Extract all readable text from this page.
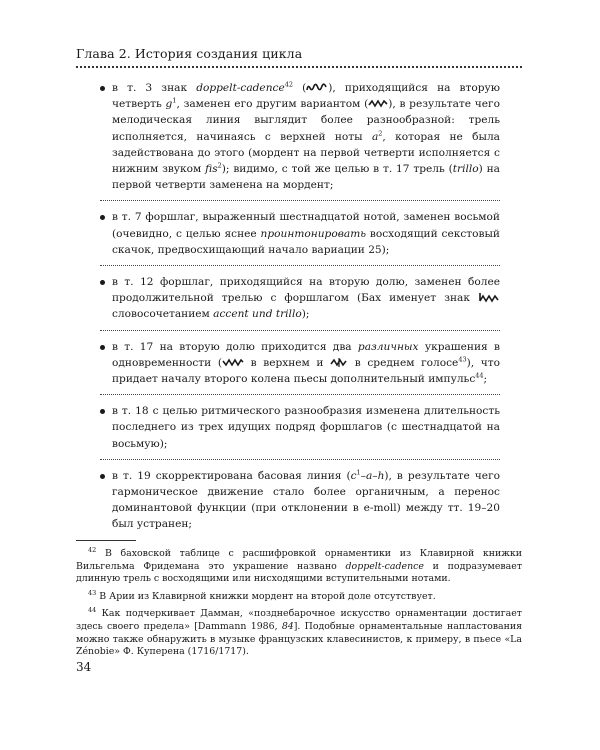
Глава 2. История создания цикла
в т. 3 знак doppelt-cadence$^{42}$ ( ), приходящийся на вторую четверть $g^1$, заменен его другим вариантом ( ), в результате чего мелодическая линия выглядит более разнообразной: трель исполняется, начинаясь с верхней ноты $a^2$, которая не была задействована до этого (мордент на первой четверти исполняется с нижним звуком fis$^2$); видимо, с той же целью в т. 17 трель (trillo) на первой четверти заменена на мордент;
в т. 7 форшлаг, выраженный шестнадцатой нотой, заменен восьмой (очевидно, с целью яснее проинтонировать восходящий секстовый скачок, предвосхищающий начало вариации 25);
в т. 12 форшлаг, приходящийся на вторую долю, заменен более продолжительной трелью с форшлагом (Бах именует знак  словосочетанием accent und trillo);
в т. 17 на вторую долю приходится два различных украшения в одновременности ( в верхнем и  в среднем голосе$^{43}$), что придает началу второго колена пьесы дополнительный импульс$^{44}$;
в т. 18 с целью ритмического разнообразия изменена длительность последнего из трех идущих подряд форшлагов (с шестнадцатой на восьмую);
в т. 19 скорректирована басовая линия $(c^1-a-h)$, в результате чего гармоническое движение стало более органичным, а перенос доминантовой функции (при отклонении в e-moll) между тт. 19–20 был устранен;

$^{42}$ В баховской таблице с расшифровкой орнаментики из Клавирной книжки Вильгельма Фридемана это украшение названо doppelt-cadence и подразумевает длинную трель с восходящими или нисходящими вступительными нотами.

$^{43}$ В Арии из Клавирной книжки мордент на второй доле отсутствует.

$^{44}$ Как подчеркивает Дамман, «позднебарочное искусство орнаментации достигает здесь своего предела» [Dammann 1986, 84]. Подобные орнаментальные напластования можно также обнаружить в музыке французских клавесинистов, к примеру, в пьесе «La Zénobie» Ф. Куперена (1716/1717).

34
